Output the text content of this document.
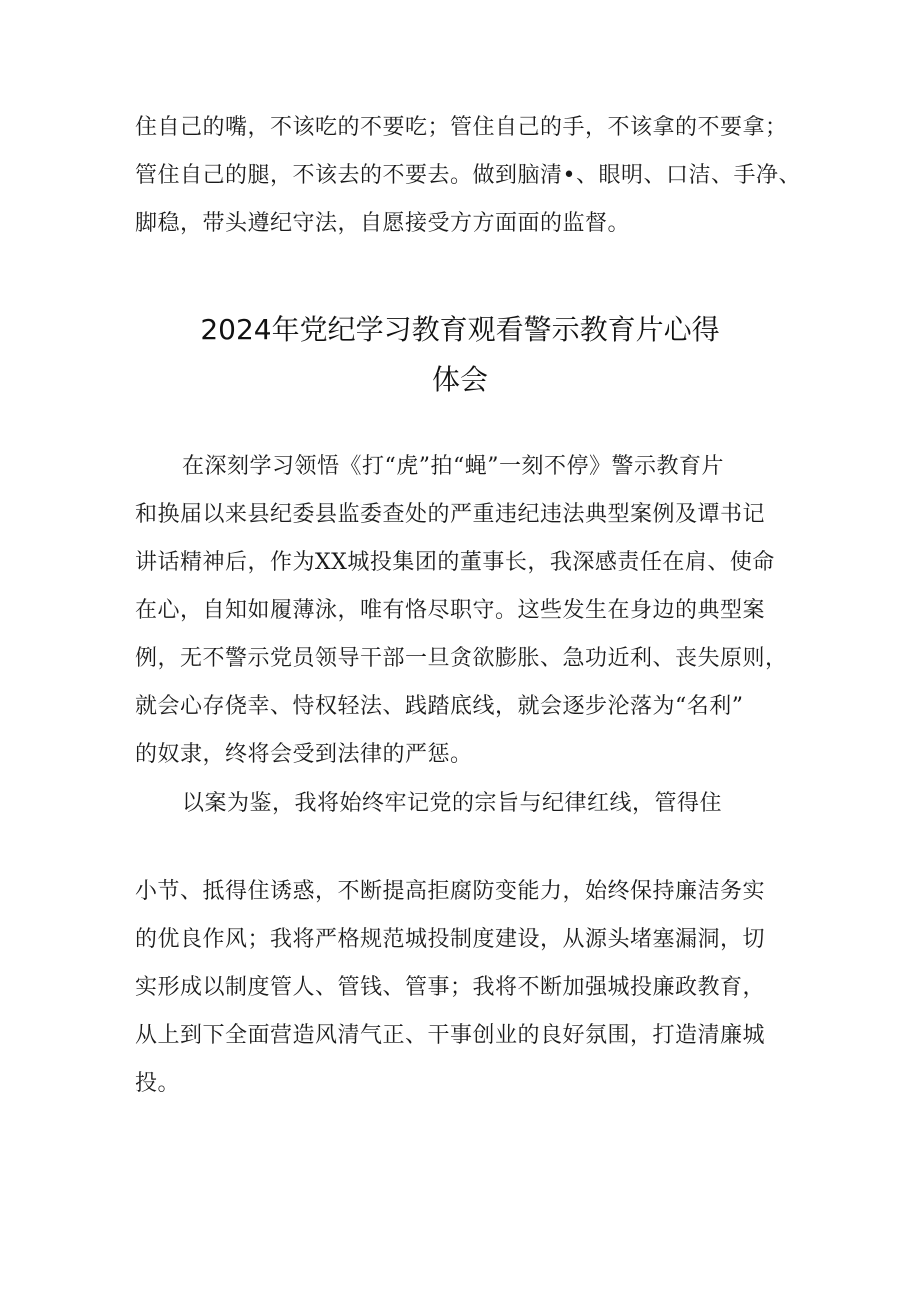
住自己的嘴，不该吃的不要吃；管住自己的手，不该拿的不要拿；
管住自己的腿，不该去的不要去。做到脑清•、眼明、口洁、手净、
脚稳，带头遵纪守法，自愿接受方方面面的监督。
2024年党纪学习教育观看警示教育片心得
体会
在深刻学习领悟《打“虎”拍“蝇”一刻不停》警示教育片
和换届以来县纪委县监委查处的严重违纪违法典型案例及谭书记
讲话精神后，作为XX城投集团的董事长，我深感责任在肩、使命
在心，自知如履薄泳，唯有恪尽职守。这些发生在身边的典型案
例，无不警示党员领导干部一旦贪欲膨胀、急功近利、丧失原则，
就会心存侥幸、恃权轻法、践踏底线，就会逐步沦落为“名利”
的奴隶，终将会受到法律的严惩。
以案为鉴，我将始终牢记党的宗旨与纪律红线，管得住
小节、抵得住诱惑，不断提高拒腐防变能力，始终保持廉洁务实
的优良作风；我将严格规范城投制度建设，从源头堵塞漏洞，切
实形成以制度管人、管钱、管事；我将不断加强城投廉政教育，
从上到下全面营造风清气正、干事创业的良好氛围，打造清廉城
投。
